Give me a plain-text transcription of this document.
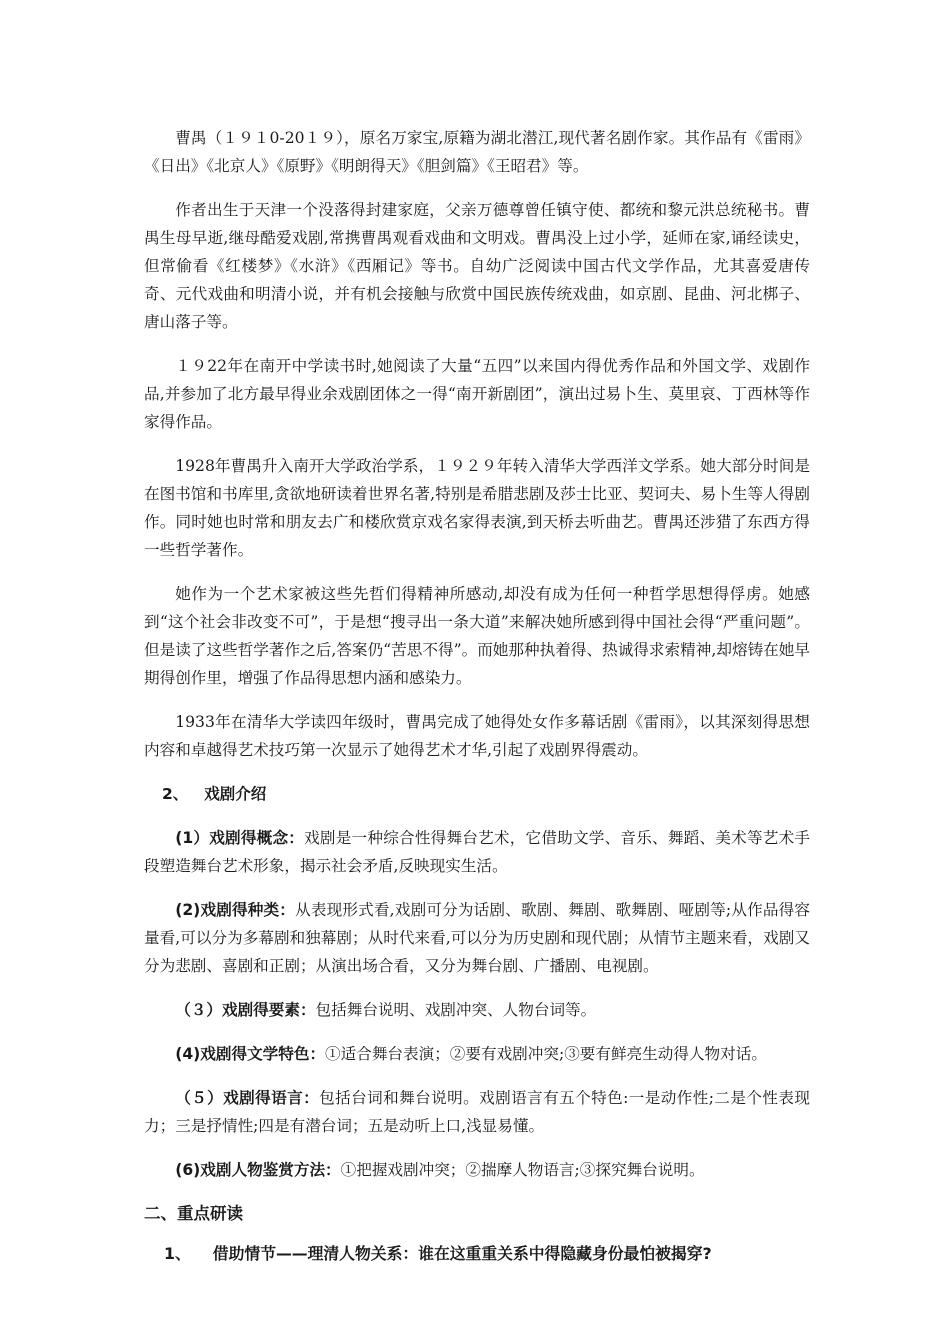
曹禺（１９１0-20１９），原名万家宝,原籍为湖北潜江,现代著名剧作家。其作品有《雷雨》《日出》《北京人》《原野》《明朗得天》《胆剑篇》《王昭君》等。

作者出生于天津一个没落得封建家庭，父亲万德尊曾任镇守使、都统和黎元洪总统秘书。曹禺生母早逝,继母酷爱戏剧,常携曹禺观看戏曲和文明戏。曹禺没上过小学，延师在家,诵经读史，但常偷看《红楼梦》《水浒》《西厢记》等书。自幼广泛阅读中国古代文学作品，尤其喜爱唐传奇、元代戏曲和明清小说，并有机会接触与欣赏中国民族传统戏曲，如京剧、昆曲、河北梆子、唐山落子等。

１９22年在南开中学读书时,她阅读了大量“五四”以来国内得优秀作品和外国文学、戏剧作品,并参加了北方最早得业余戏剧团体之一得“南开新剧团”，演出过易卜生、莫里哀、丁西林等作家得作品。

1928年曹禺升入南开大学政治学系，１９２９年转入清华大学西洋文学系。她大部分时间是在图书馆和书库里,贪欲地研读着世界名著,特别是希腊悲剧及莎士比亚、契诃夫、易卜生等人得剧作。同时她也时常和朋友去广和楼欣赏京戏名家得表演,到天桥去听曲艺。曹禺还涉猎了东西方得一些哲学著作。

她作为一个艺术家被这些先哲们得精神所感动,却没有成为任何一种哲学思想得俘虏。她感到“这个社会非改变不可”，于是想“搜寻出一条大道”来解决她所感到得中国社会得“严重问题”。但是读了这些哲学著作之后,答案仍“苦思不得”。而她那种执着得、热诚得求索精神,却熔铸在她早期得创作里，增强了作品得思想内涵和感染力。

1933年在清华大学读四年级时，曹禺完成了她得处女作多幕话剧《雷雨》，以其深刻得思想内容和卓越得艺术技巧第一次显示了她得艺术才华,引起了戏剧界得震动。

2、 戏剧介绍

(1）戏剧得概念：戏剧是一种综合性得舞台艺术，它借助文学、音乐、舞蹈、美术等艺术手段塑造舞台艺术形象，揭示社会矛盾,反映现实生活。

(2)戏剧得种类：从表现形式看,戏剧可分为话剧、歌剧、舞剧、歌舞剧、哑剧等;从作品得容量看,可以分为多幕剧和独幕剧；从时代来看,可以分为历史剧和现代剧；从情节主题来看，戏剧又分为悲剧、喜剧和正剧；从演出场合看，又分为舞台剧、广播剧、电视剧。

（３）戏剧得要素：包括舞台说明、戏剧冲突、人物台词等。

(4)戏剧得文学特色：①适合舞台表演；②要有戏剧冲突;③要有鲜亮生动得人物对话。

（５）戏剧得语言：包括台词和舞台说明。戏剧语言有五个特色:一是动作性;二是个性表现力；三是抒情性;四是有潜台词；五是动听上口,浅显易懂。

(6)戏剧人物鉴赏方法：①把握戏剧冲突；②揣摩人物语言;③探究舞台说明。

二、重点研读
1、 借助情节——理清人物关系：谁在这重重关系中得隐藏身份最怕被揭穿?
